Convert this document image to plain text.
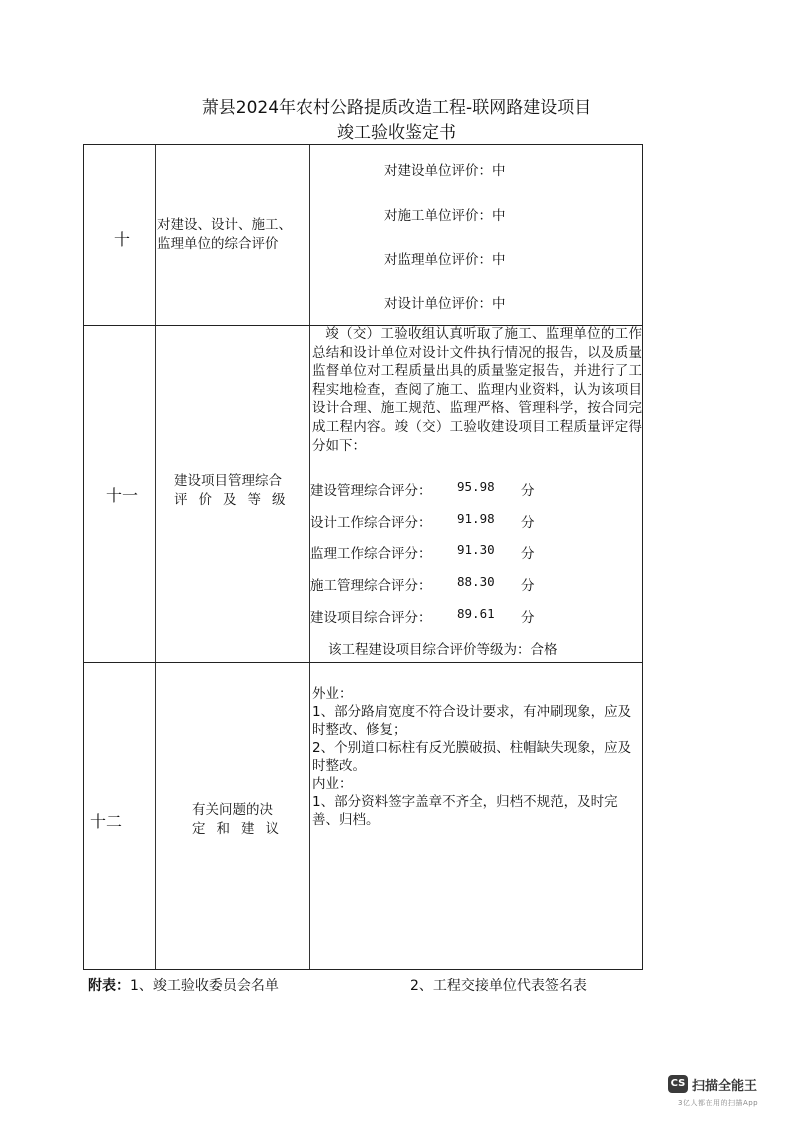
萧县2024年农村公路提质改造工程-联网路建设项目
竣工验收鉴定书
十
对建设、设计、施工、
监理单位的综合评价
对建设单位评价：中
对施工单位评价：中
对监理单位评价：中
对设计单位评价：中
十一
建设项目管理综合
评价及等级
竣（交）工验收组认真听取了施工、监理单位的工作总结和设计单位对设计文件执行情况的报告，以及质量监督单位对工程质量出具的质量鉴定报告，并进行了工程实地检查，查阅了施工、监理内业资料，认为该项目设计合理、施工规范、监理严格、管理科学，按合同完成工程内容。竣（交）工验收建设项目工程质量评定得分如下：
建设管理综合评分： 95.98 分
设计工作综合评分： 91.98 分
监理工作综合评分： 91.30 分
施工管理综合评分： 88.30 分
建设项目综合评分： 89.61 分
该工程建设项目综合评价等级为：合格
十二
有关问题的决
定和建议
外业：
1、部分路肩宽度不符合设计要求，有冲刷现象，应及时整改、修复；
2、个别道口标柱有反光膜破损、柱帽缺失现象，应及时整改。
内业：
1、部分资料签字盖章不齐全，归档不规范，及时完善、归档。
附表：1、竣工验收委员会名单	2、工程交接单位代表签名表
CS 扫描全能王
3亿人都在用的扫描App
